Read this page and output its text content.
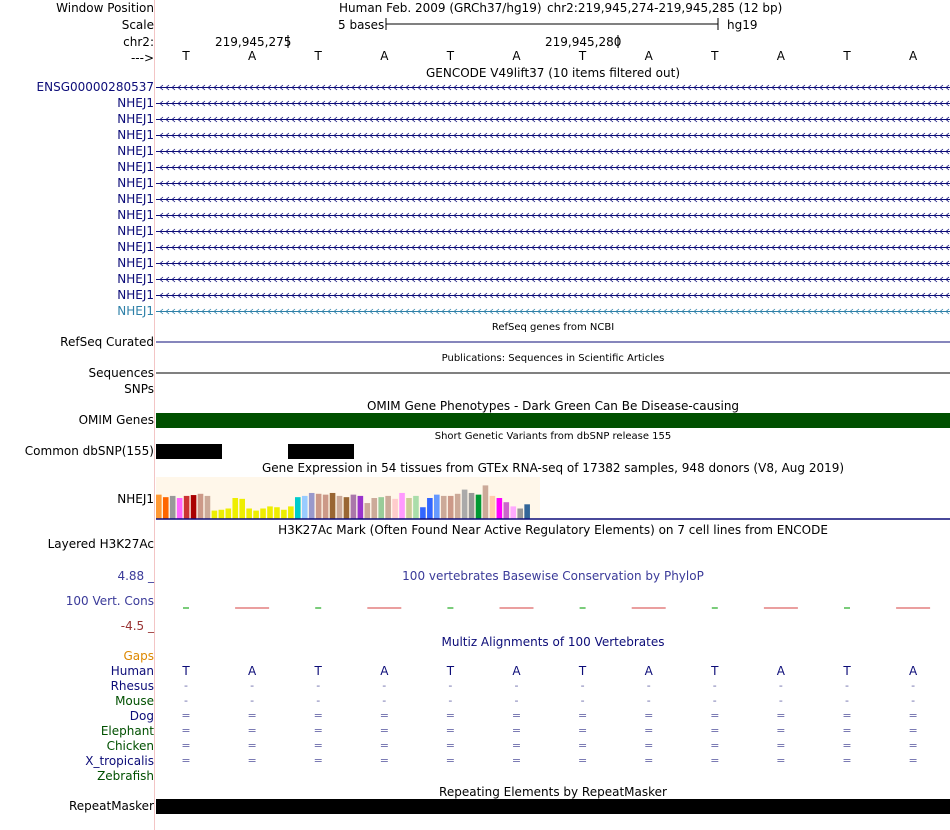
Window Position
Scale
chr2:
--->
Human Feb. 2009 (GRCh37/hg19) chr2:219,945,274-219,945,285 (12 bp)
5 bases	hg19
219,945,275	219,945,280
T	A	T	A	T	A	T	A	T	A	T	A
GENCODE V49lift37 (10 items filtered out)
ENSG00000280537
NHEJ1
NHEJ1
NHEJ1
NHEJ1
NHEJ1
NHEJ1
NHEJ1
NHEJ1
NHEJ1
NHEJ1
NHEJ1
NHEJ1
NHEJ1
NHEJ1
RefSeq genes from NCBI
RefSeq Curated
Publications: Sequences in Scientific Articles
Sequences
SNPs
OMIM Gene Phenotypes - Dark Green Can Be Disease-causing
OMIM Genes
Short Genetic Variants from dbSNP release 155
Common dbSNP(155)
Gene Expression in 54 tissues from GTEx RNA-seq of 17382 samples, 948 donors (V8, Aug 2019)
NHEJ1
H3K27Ac Mark (Often Found Near Active Regulatory Elements) on 7 cell lines from ENCODE
Layered H3K27Ac
100 vertebrates Basewise Conservation by PhyloP
4.88 _
100 Vert. Cons
-4.5 _
Multiz Alignments of 100 Vertebrates
Gaps
Human T	A	T	A	T	A	T	A	T	A	T	A
Rhesus	-	-	-	-	-	-	-	-	-	-	-	-
Mouse	-	-	-	-	-	-	-	-	-	-	-	-
Dog =	=	=	=	=	=	=	=	=	=	=	=
Elephant =	=	=	=	=	=	=	=	=	=	=	=
Chicken =	=	=	=	=	=	=	=	=	=	=	=
X_tropicalis =	=	=	=	=	=	=	=	=	=	=	=
Zebrafish
Repeating Elements by RepeatMasker
RepeatMasker
